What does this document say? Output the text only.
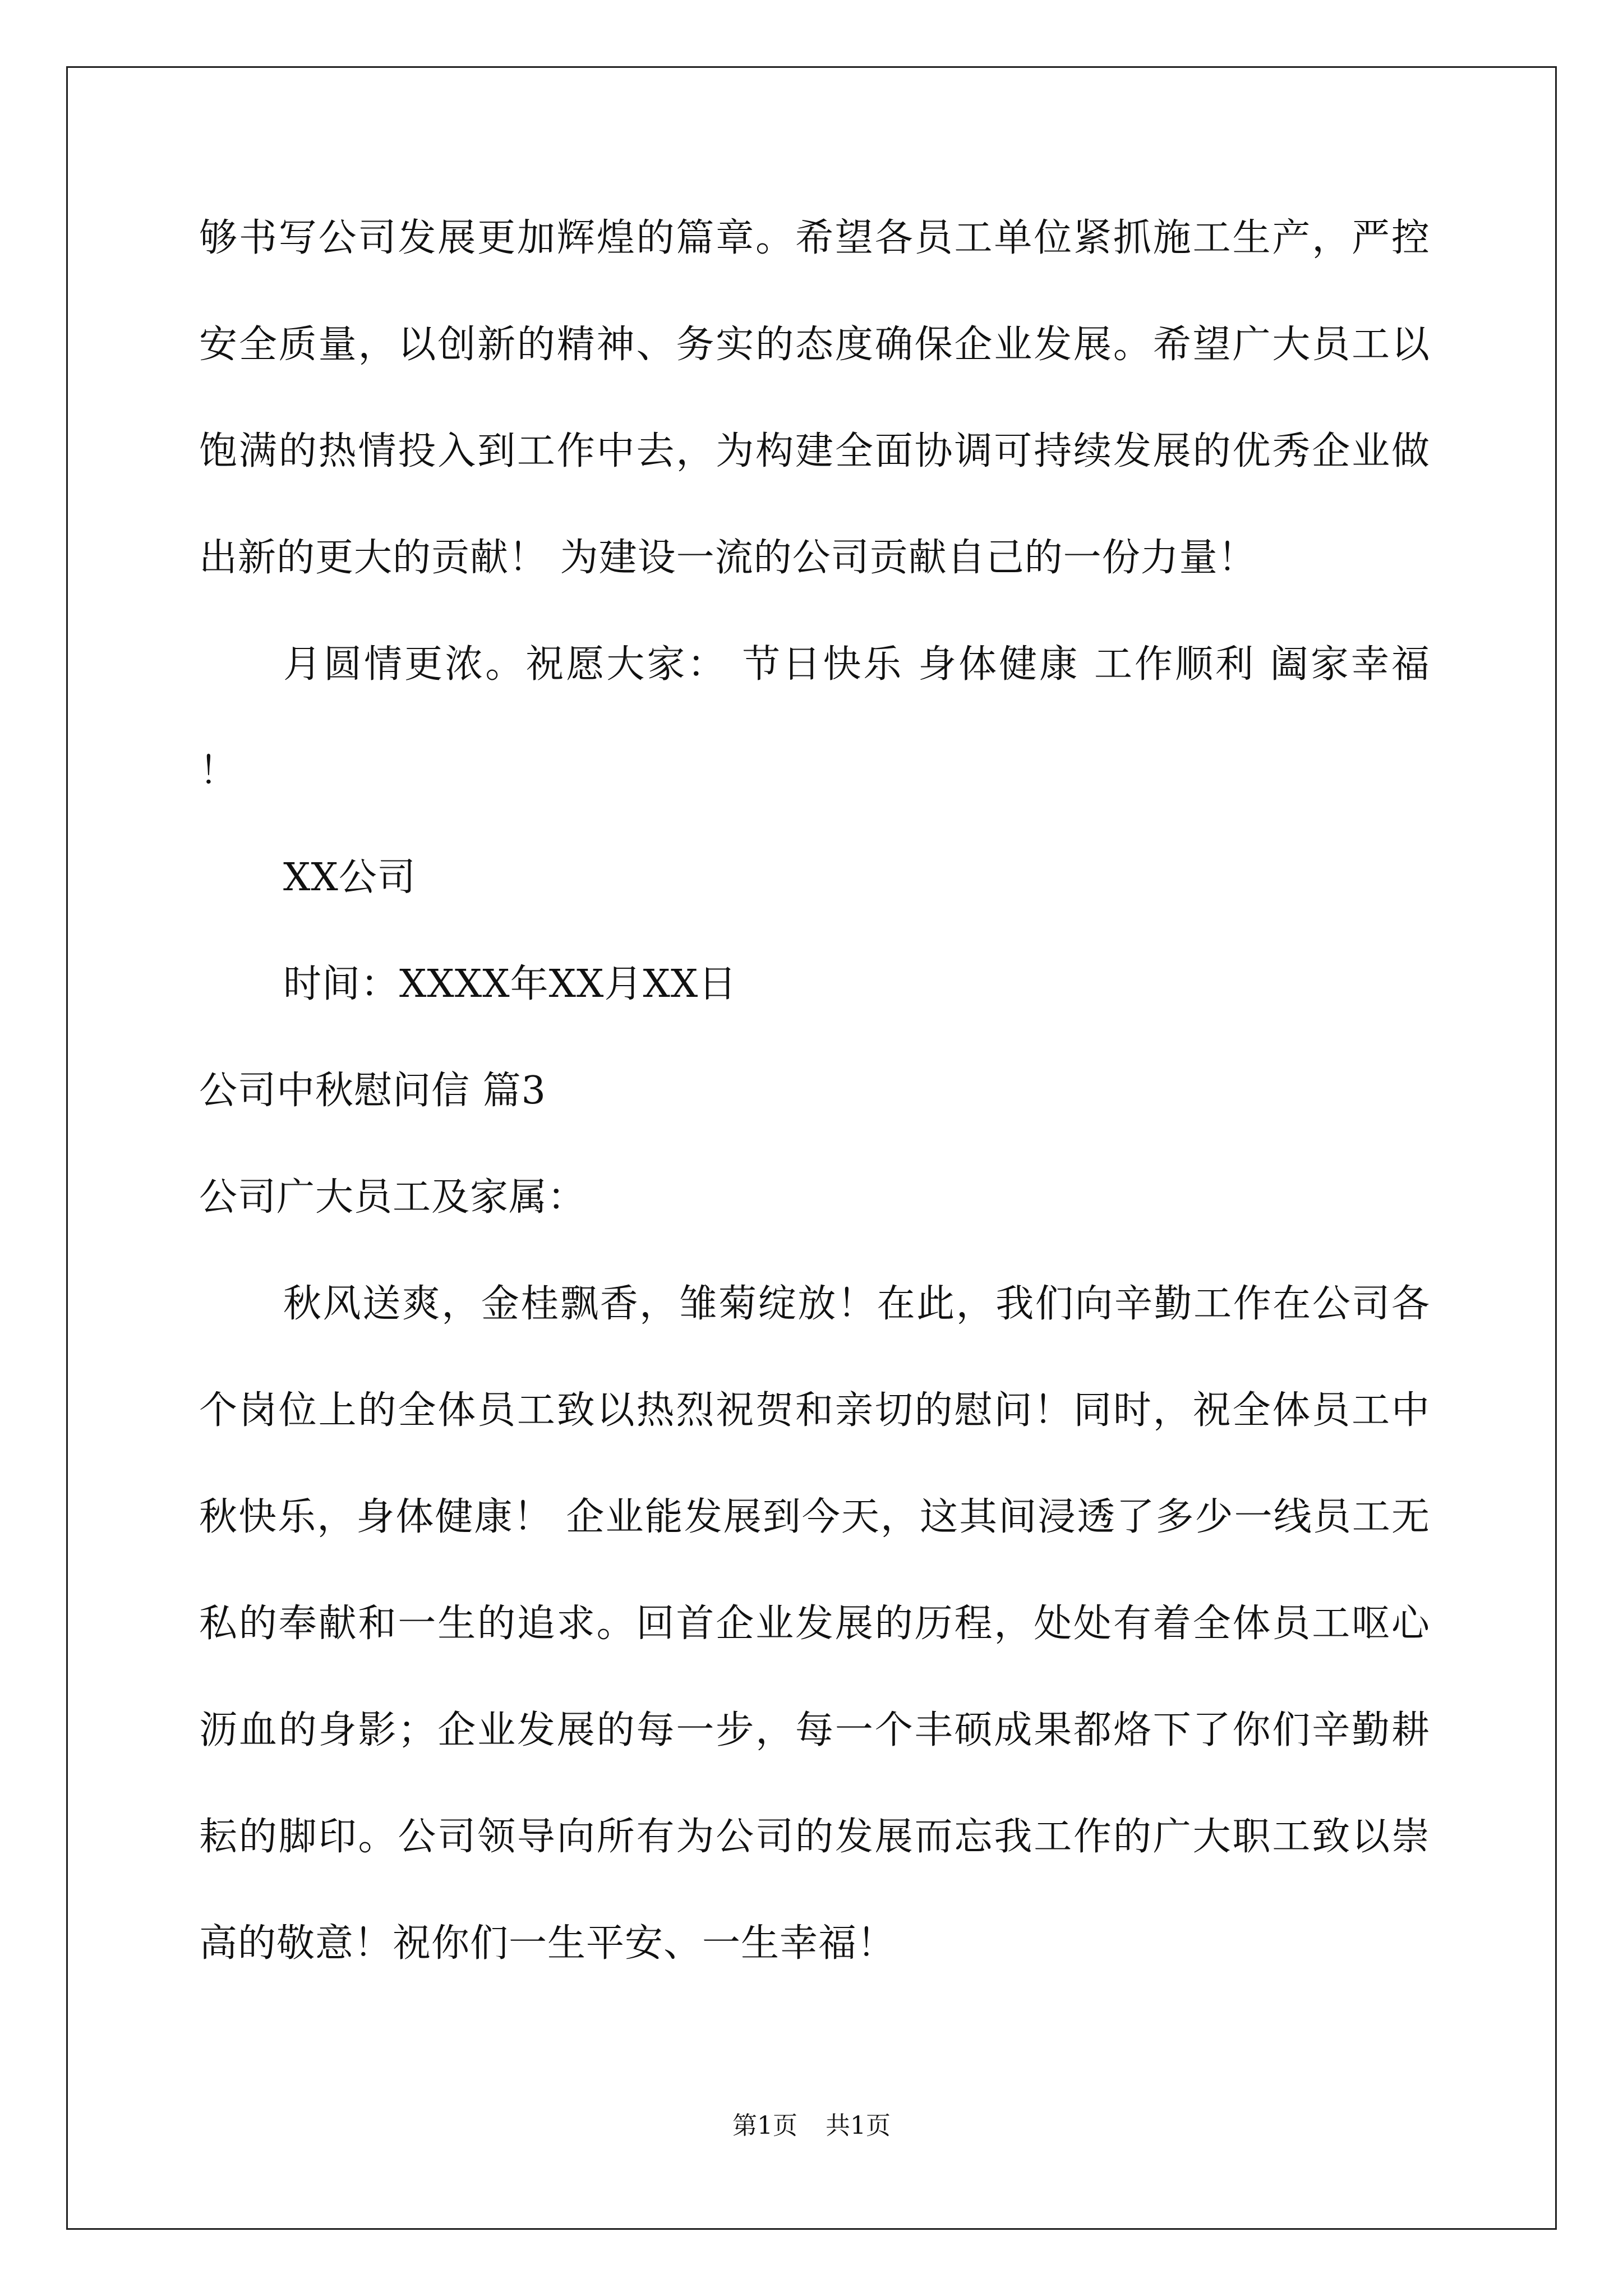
够书写公司发展更加辉煌的篇章。希望各员工单位紧抓施工生产，严控安全质量，以创新的精神、务实的态度确保企业发展。希望广大员工以饱满的热情投入到工作中去，为构建全面协调可持续发展的优秀企业做出新的更大的贡献！ 为建设一流的公司贡献自己的一份力量！

月圆情更浓。祝愿大家： 节日快乐 身体健康 工作顺利 阖家幸福 ！

XX公司

时间：XXXX年XX月XX日

公司中秋慰问信 篇3

公司广大员工及家属：

秋风送爽，金桂飘香，雏菊绽放！在此，我们向辛勤工作在公司各个岗位上的全体员工致以热烈祝贺和亲切的慰问！同时，祝全体员工中秋快乐，身体健康！ 企业能发展到今天，这其间浸透了多少一线员工无私的奉献和一生的追求。回首企业发展的历程，处处有着全体员工呕心沥血的身影；企业发展的每一步，每一个丰硕成果都烙下了你们辛勤耕耘的脚印。公司领导向所有为公司的发展而忘我工作的广大职工致以崇高的敬意！祝你们一生平安、一生幸福！

第1页 共1页
